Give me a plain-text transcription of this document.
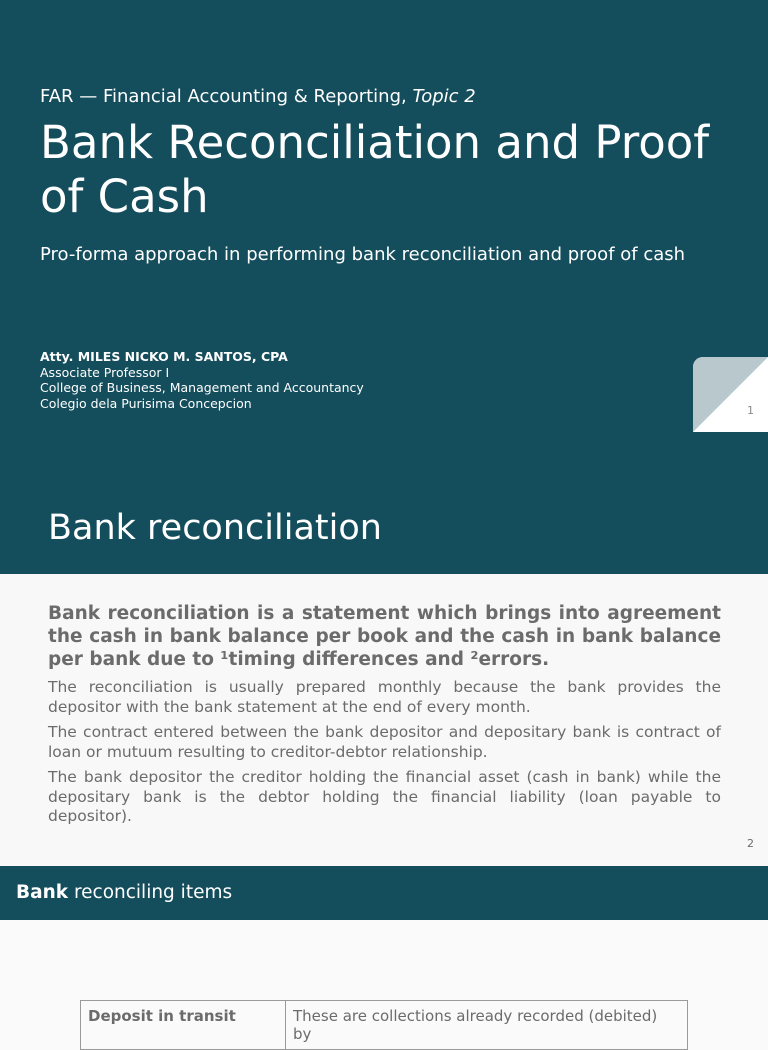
FAR — Financial Accounting & Reporting, Topic 2
Bank Reconciliation and Proof of Cash
Pro-forma approach in performing bank reconciliation and proof of cash
Atty. MILES NICKO M. SANTOS, CPA
Associate Professor I
College of Business, Management and Accountancy
Colegio dela Purisima Concepcion	1
Bank reconciliation
Bank reconciliation is a statement which brings into agreement the cash in bank balance per book and the cash in bank balance per bank due to ¹timing differences and ²errors.
The reconciliation is usually prepared monthly because the bank provides the depositor with the bank statement at the end of every month.
The contract entered between the bank depositor and depositary bank is contract of loan or mutuum resulting to creditor-debtor relationship.
The bank depositor the creditor holding the financial asset (cash in bank) while the depositary bank is the debtor holding the financial liability (loan payable to depositor).
2
Bank reconciling items
Deposit in transit	These are collections already recorded (debited) by
